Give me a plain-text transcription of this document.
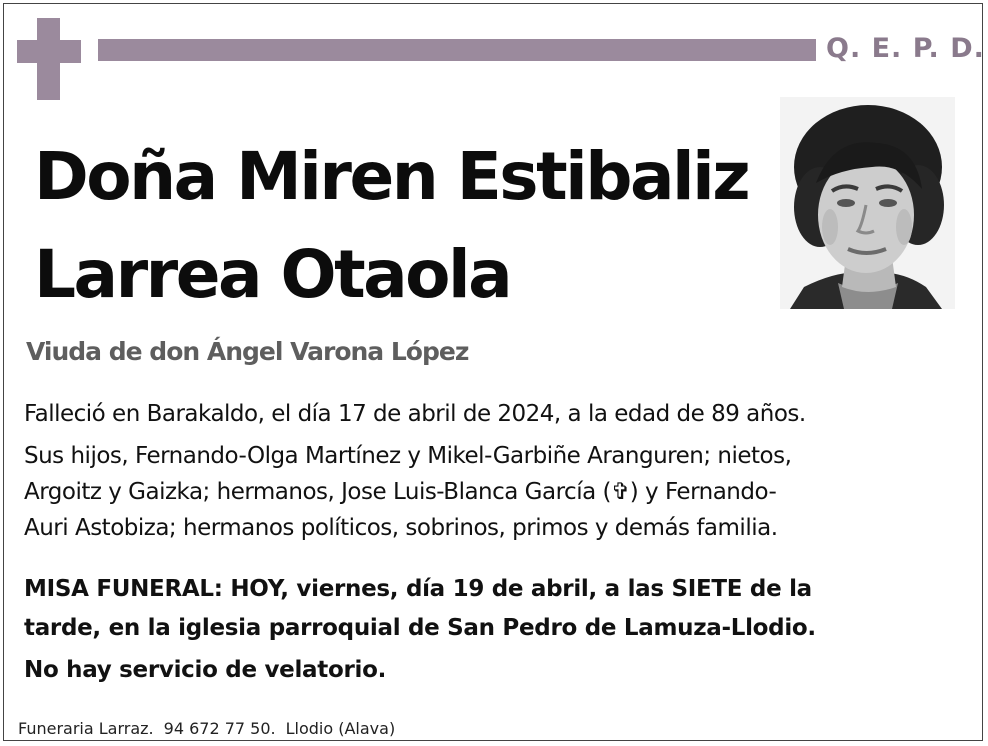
Q. E. P. D.
Doña Miren Estibaliz
Larrea Otaola
Viuda de don Ángel Varona López

Falleció en Barakaldo, el día 17 de abril de 2024, a la edad de 89 años.

Sus hijos, Fernando-Olga Martínez y Mikel-Garbiñe Aranguren; nietos,
Argoitz y Gaizka; hermanos, Jose Luis-Blanca García (✞) y Fernando-
Auri Astobiza; hermanos políticos, sobrinos, primos y demás familia.

MISA FUNERAL: HOY, viernes, día 19 de abril, a las SIETE de la
tarde, en la iglesia parroquial de San Pedro de Lamuza-Llodio.
No hay servicio de velatorio.
Funeraria Larraz. 94 672 77 50. Llodio (Alava)
